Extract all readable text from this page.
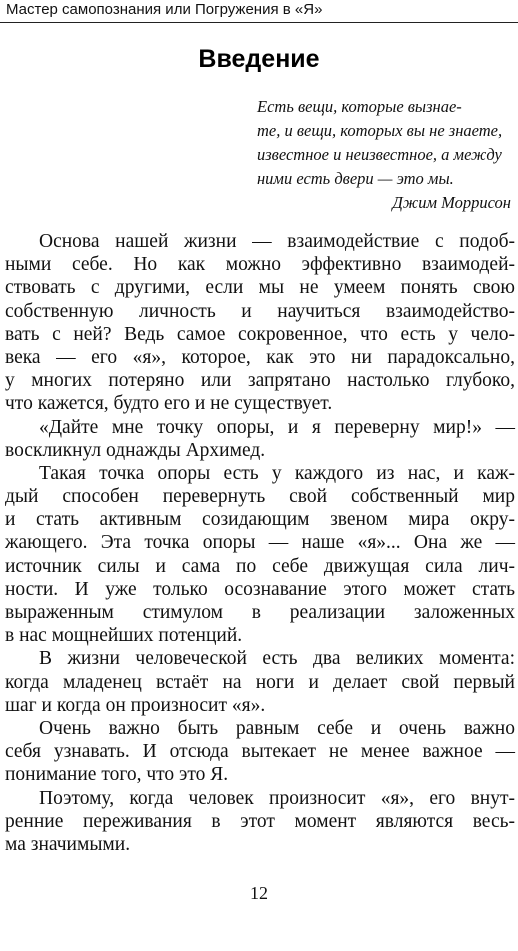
Мастер самопознания или Погружения в «Я»
Введение
Есть вещи, которые вызнае-
те, и вещи, которых вы не знаете,
известное и неизвестное, а между
ними есть двери — это мы.
Джим Моррисон

Основа нашей жизни — взаимодействие с подоб-
ными себе. Но как можно эффективно взаимодей-
ствовать с другими, если мы не умеем понять свою
собственную личность и научиться взаимодейство-
вать с ней? Ведь самое сокровенное, что есть у чело-
века — его «я», которое, как это ни парадоксально,
у многих потеряно или запрятано настолько глубоко,
что кажется, будто его и не существует.

«Дайте мне точку опоры, и я переверну мир!» —
воскликнул однажды Архимед.

Такая точка опоры есть у каждого из нас, и каж-
дый способен перевернуть свой собственный мир
и стать активным созидающим звеном мира окру-
жающего. Эта точка опоры — наше «я»... Она же —
источник силы и сама по себе движущая сила лич-
ности. И уже только осознавание этого может стать
выраженным стимулом в реализации заложенных
в нас мощнейших потенций.

В жизни человеческой есть два великих момента:
когда младенец встаёт на ноги и делает свой первый
шаг и когда он произносит «я».

Очень важно быть равным себе и очень важно
себя узнавать. И отсюда вытекает не менее важное —
понимание того, что это Я.

Поэтому, когда человек произносит «я», его внут-
ренние переживания в этот момент являются весь-
ма значимыми.

12
